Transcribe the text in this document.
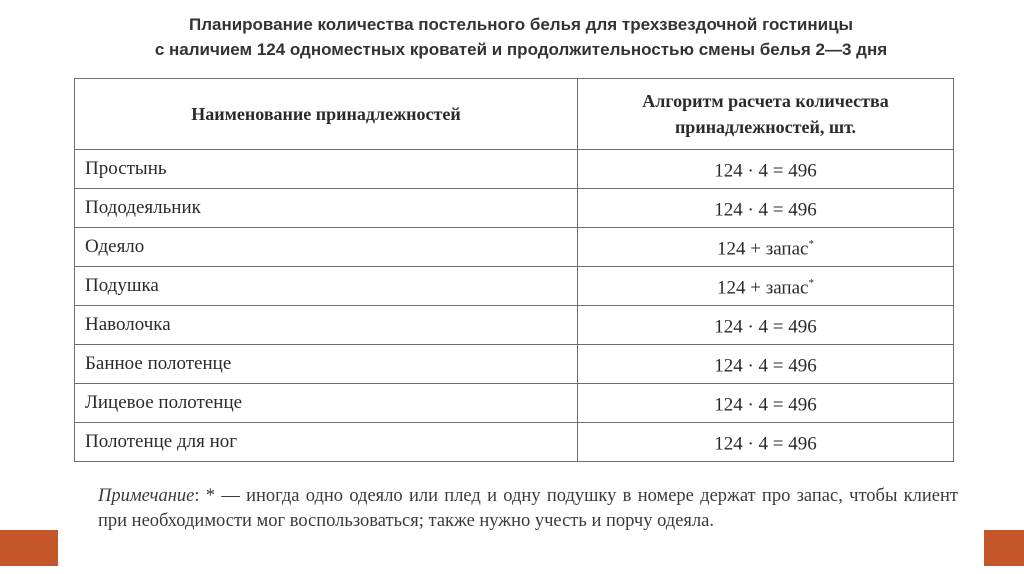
Планирование количества постельного белья для трехзвездочной гостиницы
с наличием 124 одноместных кроватей и продолжительностью смены белья 2—3 дня
Наименование принадлежностей	Алгоритм расчета количества
принадлежностей, шт.

Простынь	124 · 4 = 496
Пододеяльник	124 · 4 = 496
Одеяло	124 + запас*
Подушка	124 + запас*
Наволочка	124 · 4 = 496
Банное полотенце	124 · 4 = 496
Лицевое полотенце	124 · 4 = 496
Полотенце для ног	124 · 4 = 496
Примечание: * — иногда одно одеяло или плед и одну подушку в номере держат про запас, чтобы клиент при необходимости мог воспользоваться; также нужно учесть и порчу одеяла.
